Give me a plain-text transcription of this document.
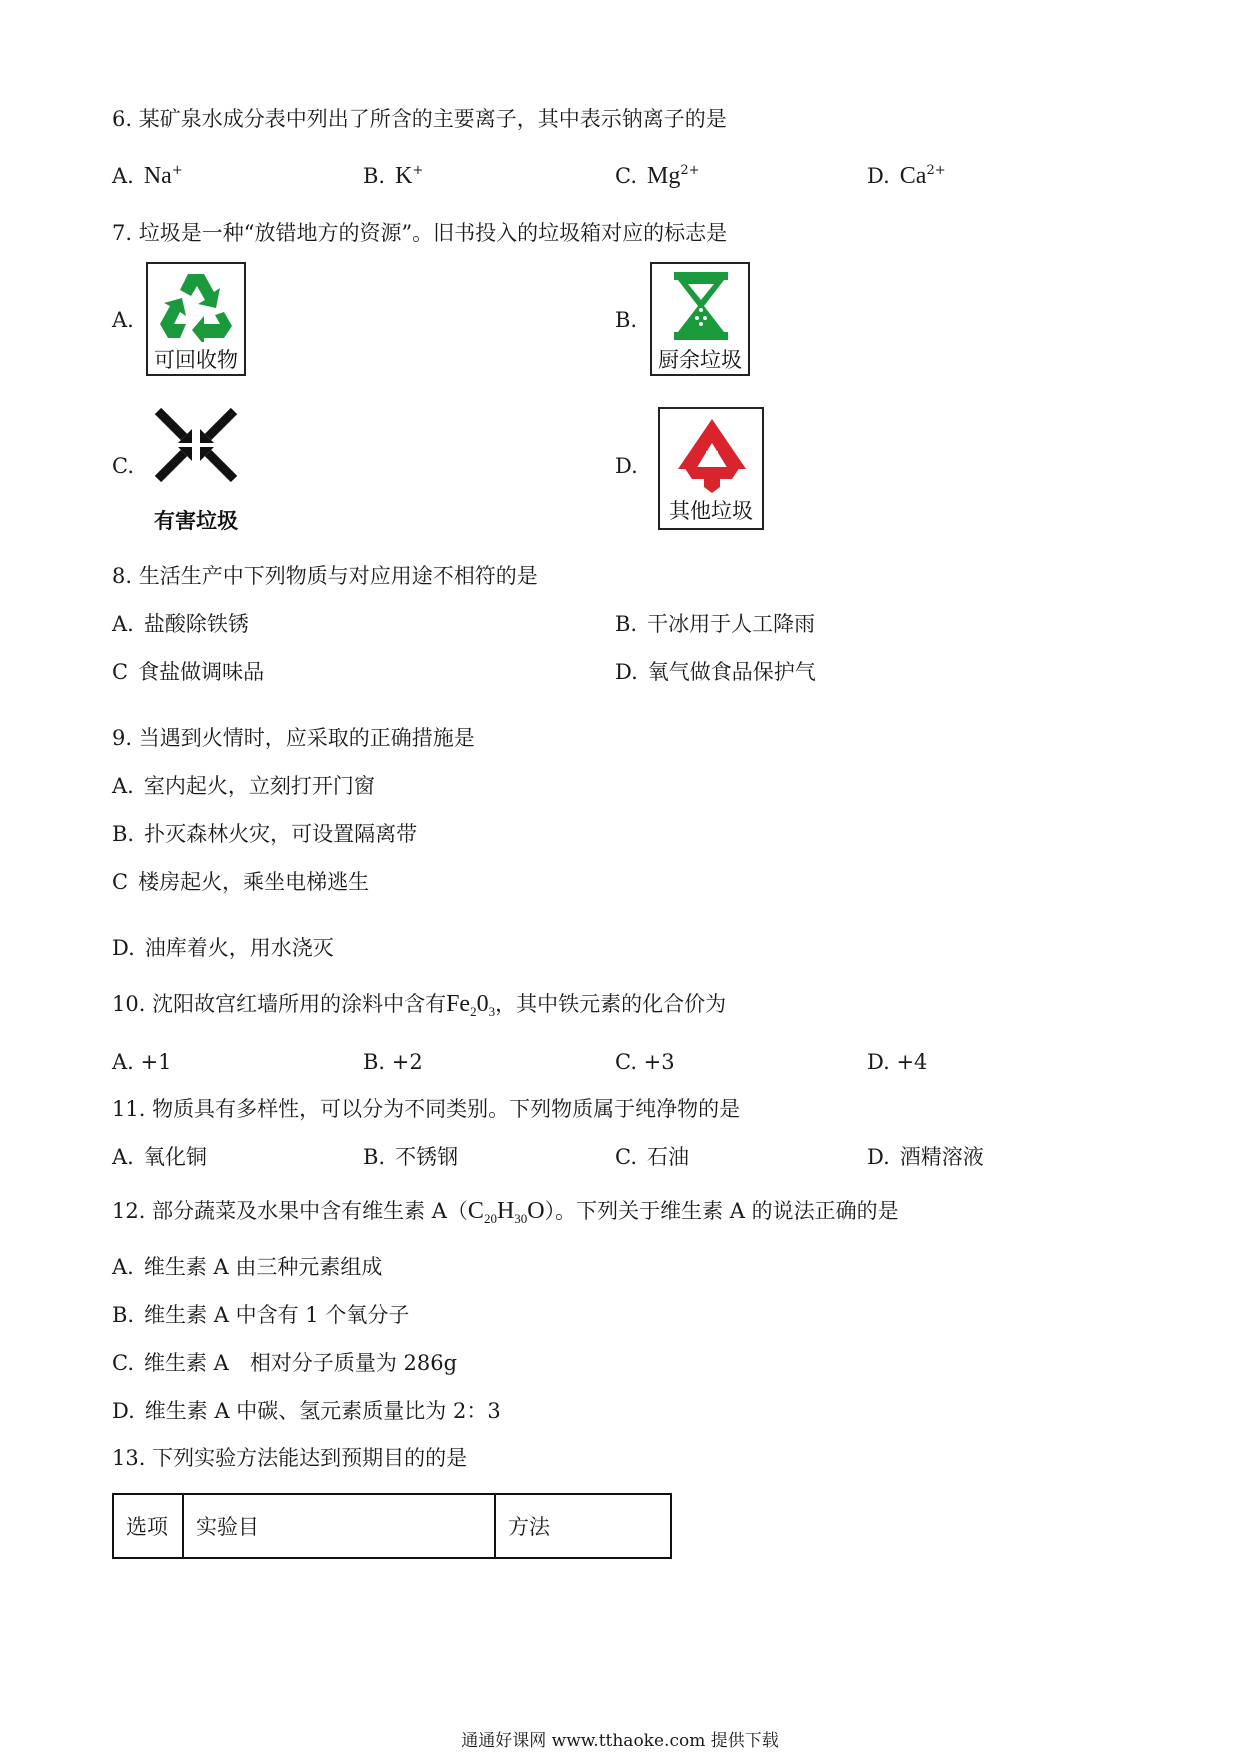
6. 某矿泉水成分表中列出了所含的主要离子，其中表示钠离子的是
A. Na+	B. K+	C. $Mg^{2+}$	D. $Ca^{2+}$
7. 垃圾是一种“放错地方的资源”。旧书投入的垃圾箱对应的标志是
A.
可回收物
B.
厨余垃圾
C.
有害垃圾
D.
其他垃圾
8. 生活生产中下列物质与对应用途不相符的是
A. 盐酸除铁锈	B. 干冰用于人工降雨
C 食盐做调味品	D. 氧气做食品保护气
9. 当遇到火情时，应采取的正确措施是
A. 室内起火，立刻打开门窗
B. 扑灭森林火灾，可设置隔离带
C 楼房起火，乘坐电梯逃生
D. 油库着火，用水浇灭
10. 沈阳故宫红墙所用的涂料中含有$Fe_20_3$，其中铁元素的化合价为
A. +1	B. +2	C. +3	D. +4
11. 物质具有多样性，可以分为不同类别。下列物质属于纯净物的是
A. 氧化铜	B. 不锈钢	C. 石油	D. 酒精溶液
12. 部分蔬菜及水果中含有维生素 $A(C_{20}H_{30}O)$。下列关于维生素 A 的说法正确的是
A. 维生素 A 由三种元素组成
B. 维生素 A 中含有 1 个氧分子
C. 维生素 A　相对分子质量为 286g
D. 维生素 A 中碳、氢元素质量比为 2：3
13. 下列实验方法能达到预期目的的是
选项	实验目	方法
通通好课网 www.tthaoke.com 提供下载
